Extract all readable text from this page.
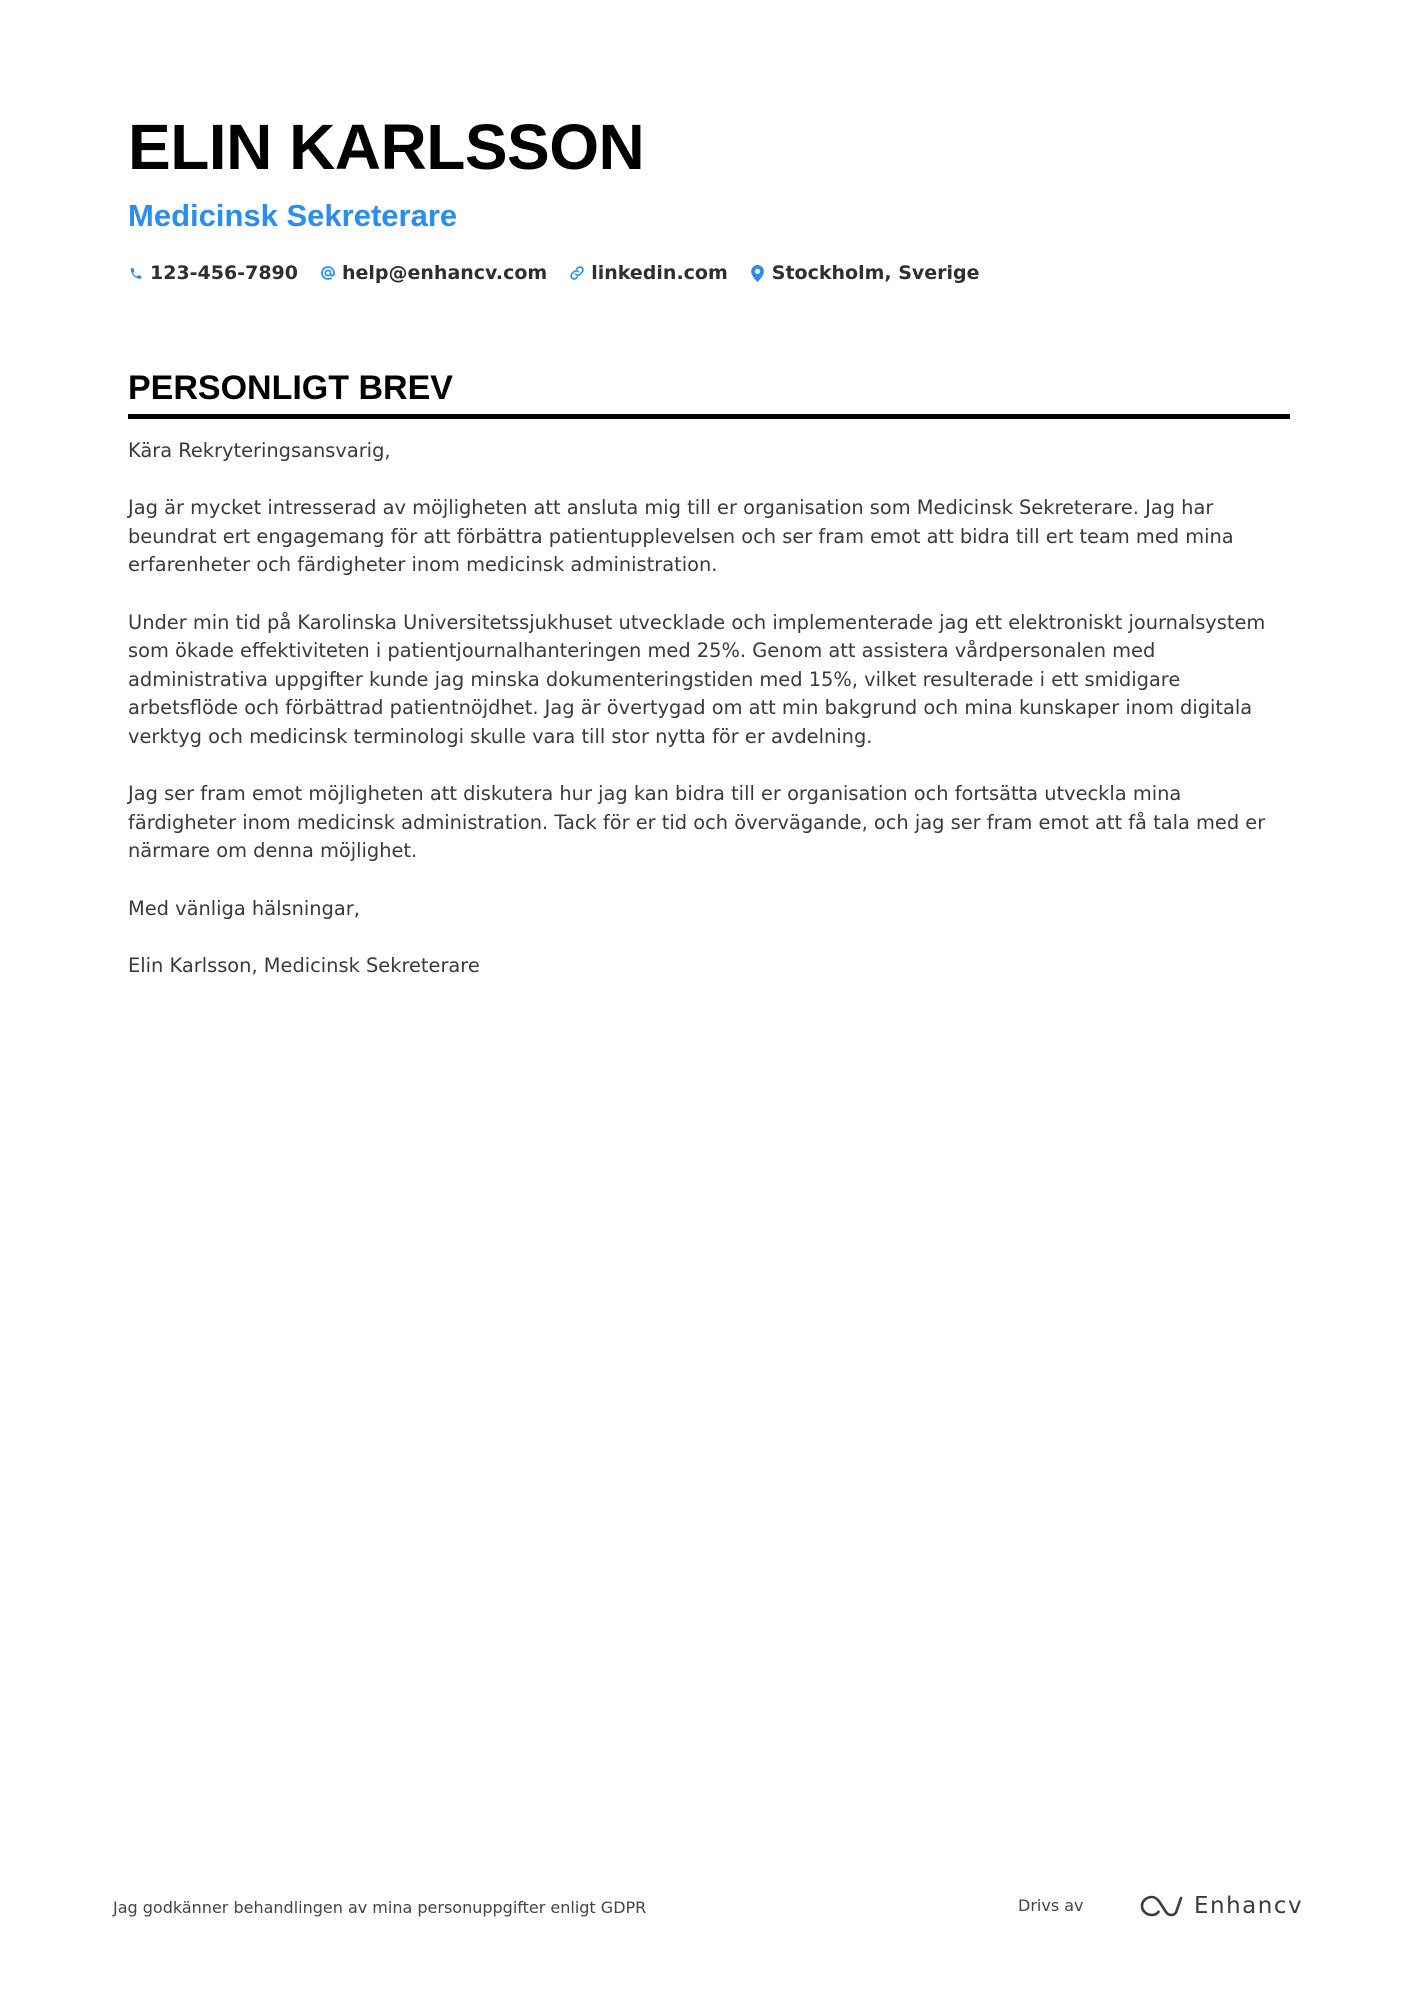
ELIN KARLSSON
Medicinsk Sekreterare
123-456-7890 help@enhancv.com linkedin.com Stockholm, Sverige
PERSONLIGT BREV

Kära Rekryteringsansvarig,

Jag är mycket intresserad av möjligheten att ansluta mig till er organisation som Medicinsk Sekreterare. Jag har beundrat ert engagemang för att förbättra patientupplevelsen och ser fram emot att bidra till ert team med mina erfarenheter och färdigheter inom medicinsk administration.

Under min tid på Karolinska Universitetssjukhuset utvecklade och implementerade jag ett elektroniskt journalsystem som ökade effektiviteten i patientjournalhanteringen med 25%. Genom att assistera vårdpersonalen med administrativa uppgifter kunde jag minska dokumenteringstiden med 15%, vilket resulterade i ett smidigare arbetsflöde och förbättrad patientnöjdhet. Jag är övertygad om att min bakgrund och mina kunskaper inom digitala verktyg och medicinsk terminologi skulle vara till stor nytta för er avdelning.

Jag ser fram emot möjligheten att diskutera hur jag kan bidra till er organisation och fortsätta utveckla mina färdigheter inom medicinsk administration. Tack för er tid och övervägande, och jag ser fram emot att få tala med er närmare om denna möjlighet.

Med vänliga hälsningar,

Elin Karlsson, Medicinsk Sekreterare

Jag godkänner behandlingen av mina personuppgifter enligt GDPR	Drivs av	Enhancv
